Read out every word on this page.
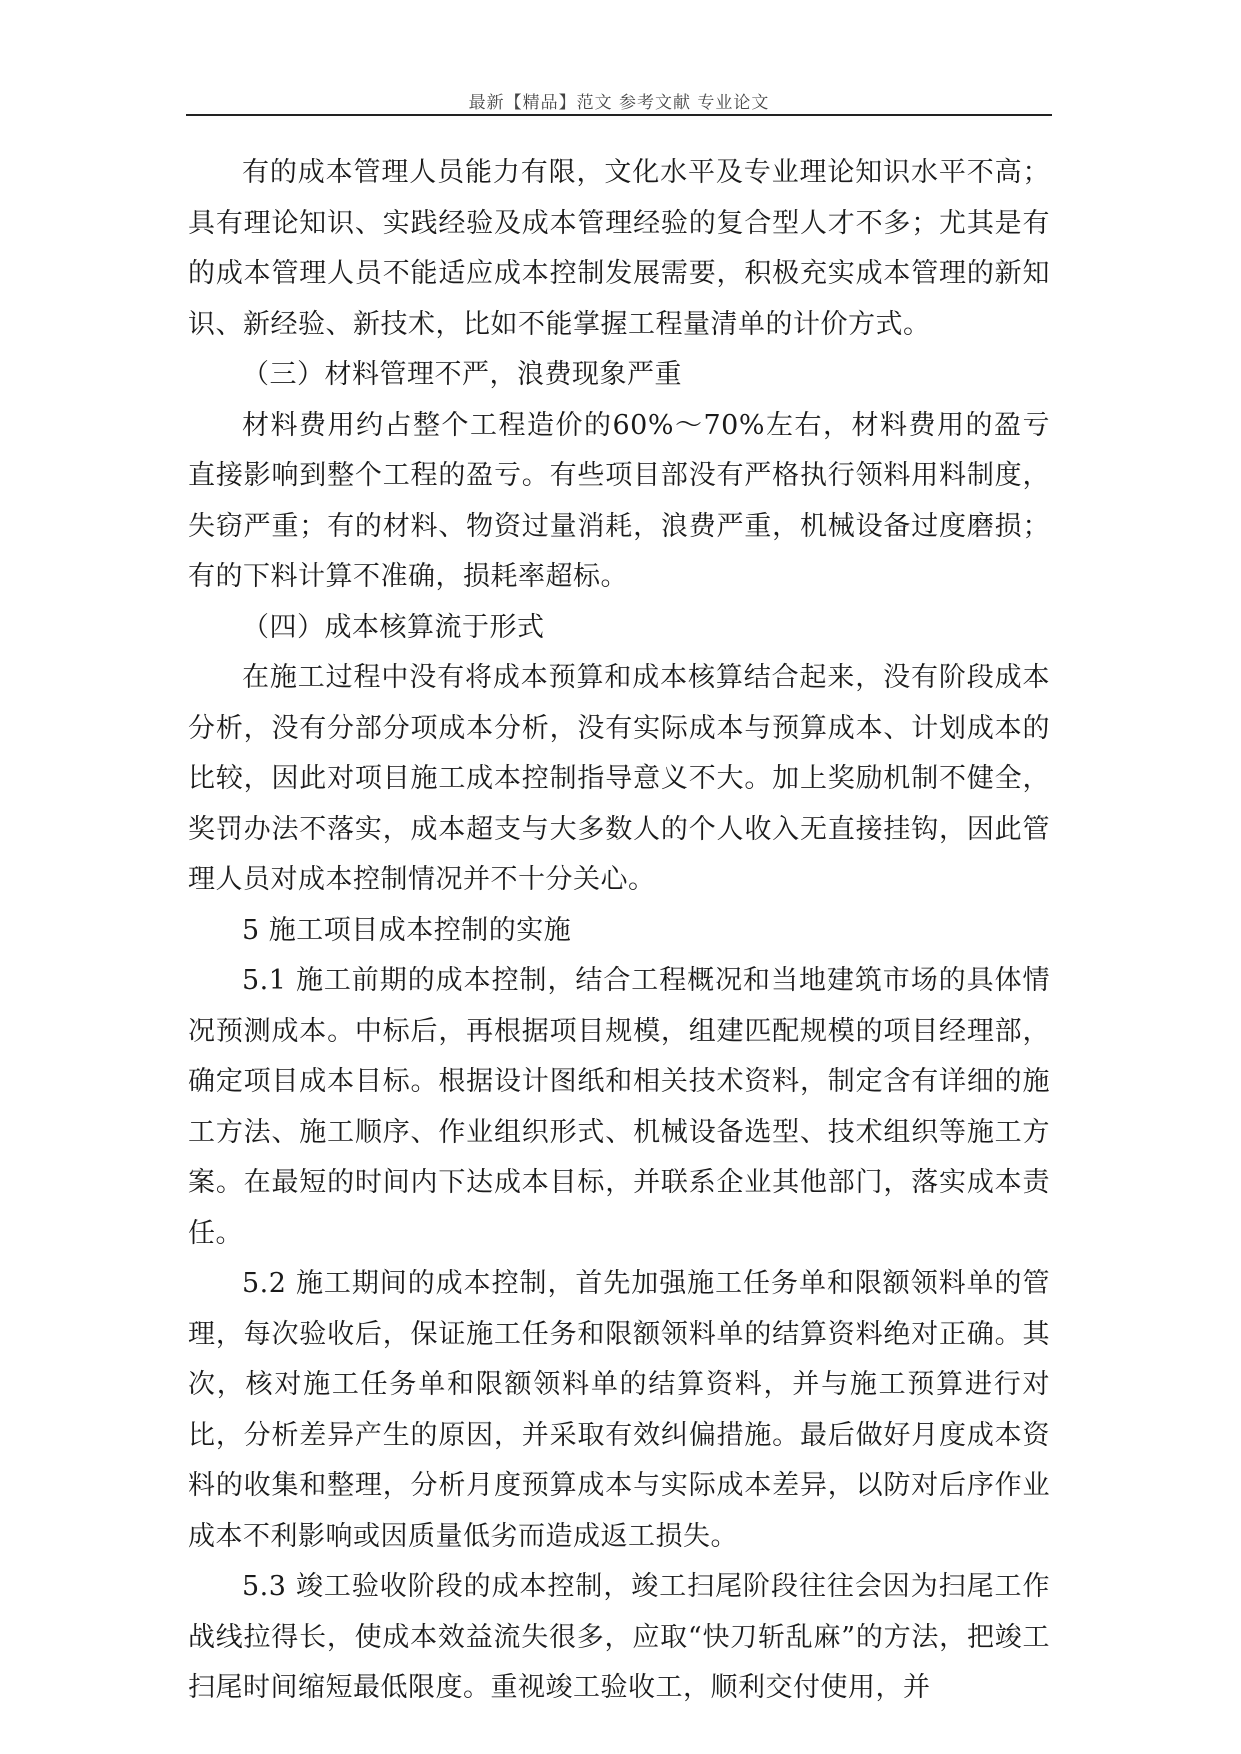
最新【精品】范文 参考文献 专业论文

有的成本管理人员能力有限，文化水平及专业理论知识水平不高；具有理论知识、实践经验及成本管理经验的复合型人才不多；尤其是有的成本管理人员不能适应成本控制发展需要，积极充实成本管理的新知识、新经验、新技术，比如不能掌握工程量清单的计价方式。

（三）材料管理不严，浪费现象严重

材料费用约占整个工程造价的60%～70%左右，材料费用的盈亏直接影响到整个工程的盈亏。有些项目部没有严格执行领料用料制度，失窃严重；有的材料、物资过量消耗，浪费严重，机械设备过度磨损；有的下料计算不准确，损耗率超标。

（四）成本核算流于形式

在施工过程中没有将成本预算和成本核算结合起来，没有阶段成本分析，没有分部分项成本分析，没有实际成本与预算成本、计划成本的比较，因此对项目施工成本控制指导意义不大。加上奖励机制不健全，奖罚办法不落实，成本超支与大多数人的个人收入无直接挂钩，因此管理人员对成本控制情况并不十分关心。

5 施工项目成本控制的实施

5.1 施工前期的成本控制，结合工程概况和当地建筑市场的具体情况预测成本。中标后，再根据项目规模，组建匹配规模的项目经理部，确定项目成本目标。根据设计图纸和相关技术资料，制定含有详细的施工方法、施工顺序、作业组织形式、机械设备选型、技术组织等施工方案。在最短的时间内下达成本目标，并联系企业其他部门，落实成本责任。

5.2 施工期间的成本控制，首先加强施工任务单和限额领料单的管理，每次验收后，保证施工任务和限额领料单的结算资料绝对正确。其次，核对施工任务单和限额领料单的结算资料，并与施工预算进行对比，分析差异产生的原因，并采取有效纠偏措施。最后做好月度成本资料的收集和整理，分析月度预算成本与实际成本差异，以防对后序作业成本不利影响或因质量低劣而造成返工损失。

5.3 竣工验收阶段的成本控制，竣工扫尾阶段往往会因为扫尾工作战线拉得长，使成本效益流失很多，应取“快刀斩乱麻”的方法，把竣工扫尾时间缩短最低限度。重视竣工验收工，顺利交付使用，并
